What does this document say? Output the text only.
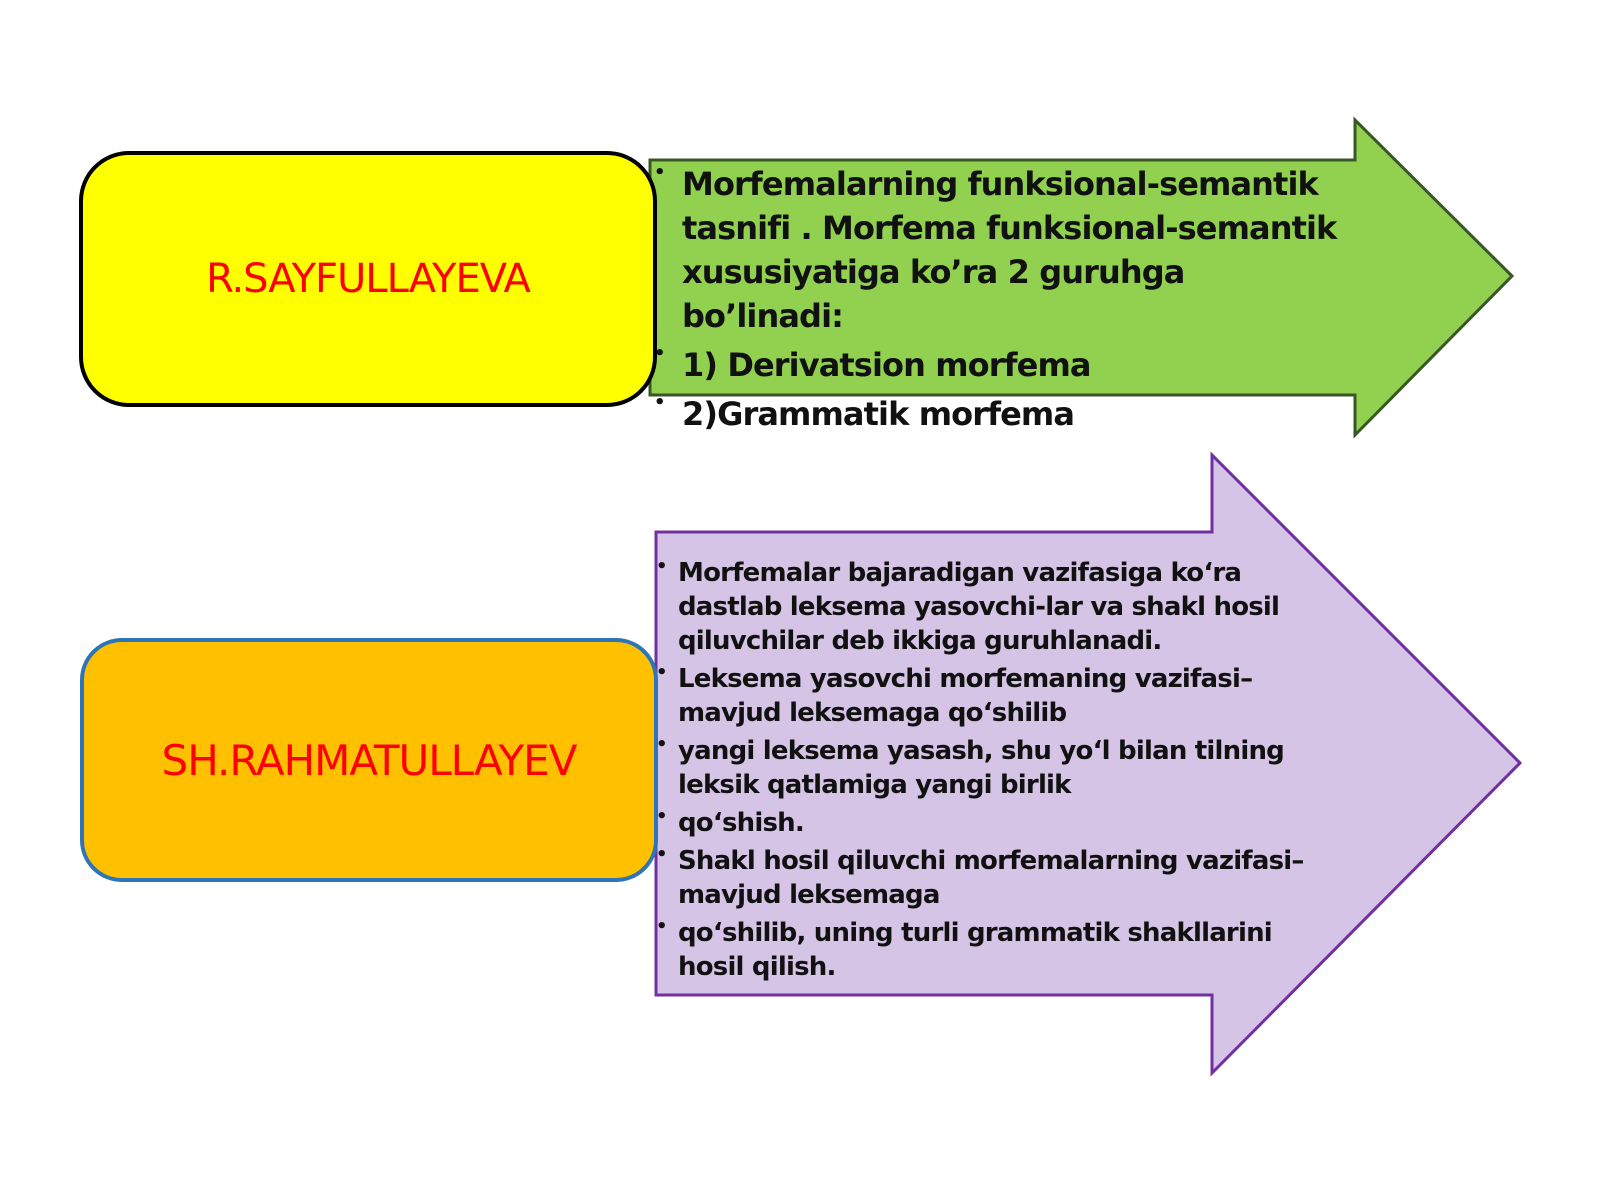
R.SAYFULLAYEVA
• Morfemalarning funksional-semantik tasnifi . Morfema funksional-semantik xususiyatiga ko’ra 2 guruhga bo’linadi:
• 1) Derivatsion morfema
• 2)Grammatik morfema
SH.RAHMATULLAYEV
• Morfemalar bajaradigan vazifasiga ko‘ra dastlab leksema yasovchi-lar va shakl hosil qiluvchilar deb ikkiga guruhlanadi.
• Leksema yasovchi morfemaning vazifasi–mavjud leksemaga qo‘shilib
• yangi leksema yasash, shu yo‘l bilan tilning leksik qatlamiga yangi birlik
• qo‘shish.
• Shakl hosil qiluvchi morfemalarning vazifasi–mavjud leksemaga
• qo‘shilib, uning turli grammatik shakllarini hosil qilish.
